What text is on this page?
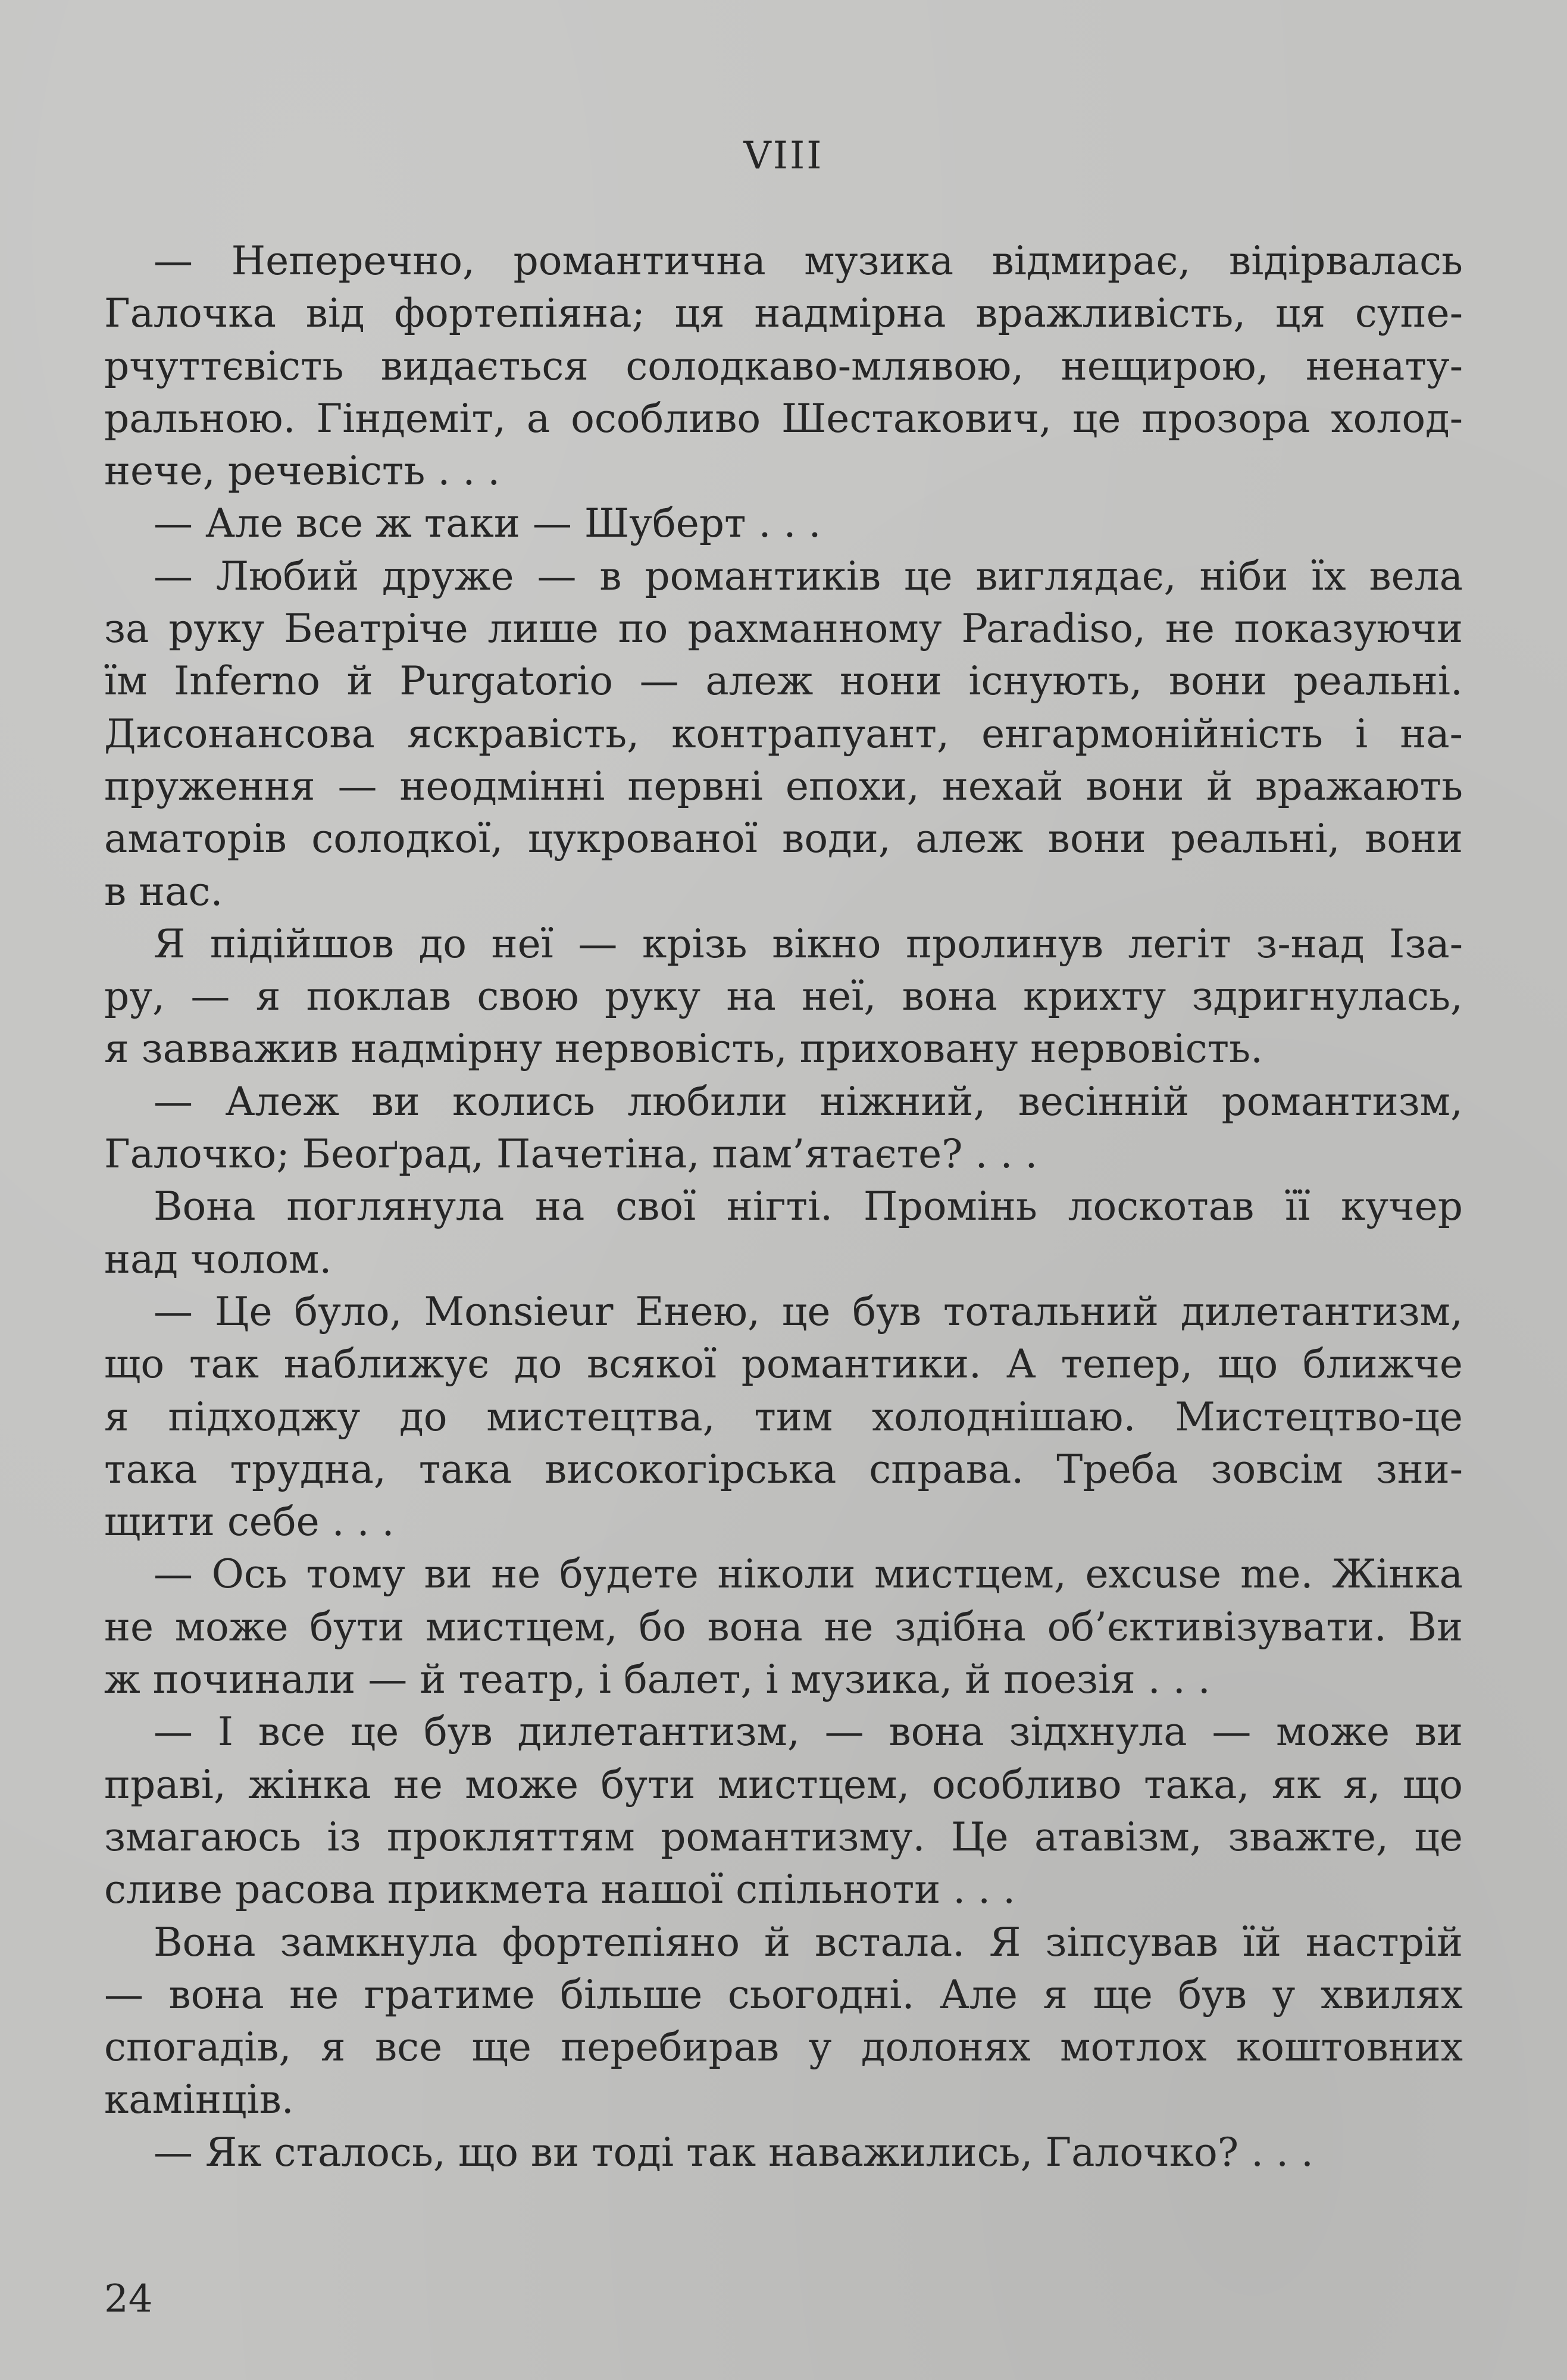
VIII
— Неперечно, романтична музика відмирає, відірвалась
Галочка від фортепіяна; ця надмірна вражливість, ця супе-
рчуттєвість видається солодкаво-млявою, нещирою, ненату-
ральною. Гіндеміт, а особливо Шестакович, це прозора холод-
нече, речевість . . .
— Але все ж таки — Шуберт . . .
— Любий друже — в романтиків це виглядає, ніби їх вела
за руку Беатріче лише по рахманному Paradiso, не показуючи
їм Inferno й Purgatorio — алеж нони існують, вони реальні.
Дисонансова яскравість, контрапуант, енгармонійність і на-
пруження — неодмінні первні епохи, нехай вони й вражають
аматорів солодкої, цукрованої води, алеж вони реальні, вони
в нас.
Я підійшов до неї — крізь вікно пролинув легіт з-над Іза-
ру, — я поклав свою руку на неї, вона крихту здригнулась,
я завважив надмірну нервовість, приховану нервовість.
— Алеж ви колись любили ніжний, весінній романтизм,
Галочко; Беоґрад, Пачетіна, пам’ятаєте? . . .
Вона поглянула на свої нігті. Промінь лоскотав її кучер
над чолом.
— Це було, Monsieur Енею, це був тотальний дилетантизм,
що так наближує до всякої романтики. А тепер, що ближче
я підходжу до мистецтва, тим холоднішаю. Мистецтво-це
така трудна, така високогірська справа. Треба зовсім зни-
щити себе . . .
— Ось тому ви не будете ніколи мистцем, excuse me. Жінка
не може бути мистцем, бо вона не здібна об’єктивізувати. Ви
ж починали — й театр, і балет, і музика, й поезія . . .
— І все це був дилетантизм, — вона зідхнула — може ви
праві, жінка не може бути мистцем, особливо така, як я, що
змагаюсь із прокляттям романтизму. Це атавізм, зважте, це
сливе расова прикмета нашої спільноти . . .
Вона замкнула фортепіяно й встала. Я зіпсував їй настрій
— вона не гратиме більше сьогодні. Але я ще був у хвилях
спогадів, я все ще перебирав у долонях мотлох коштовних
камінців.
— Як сталось, що ви тоді так наважились, Галочко? . . .
24
